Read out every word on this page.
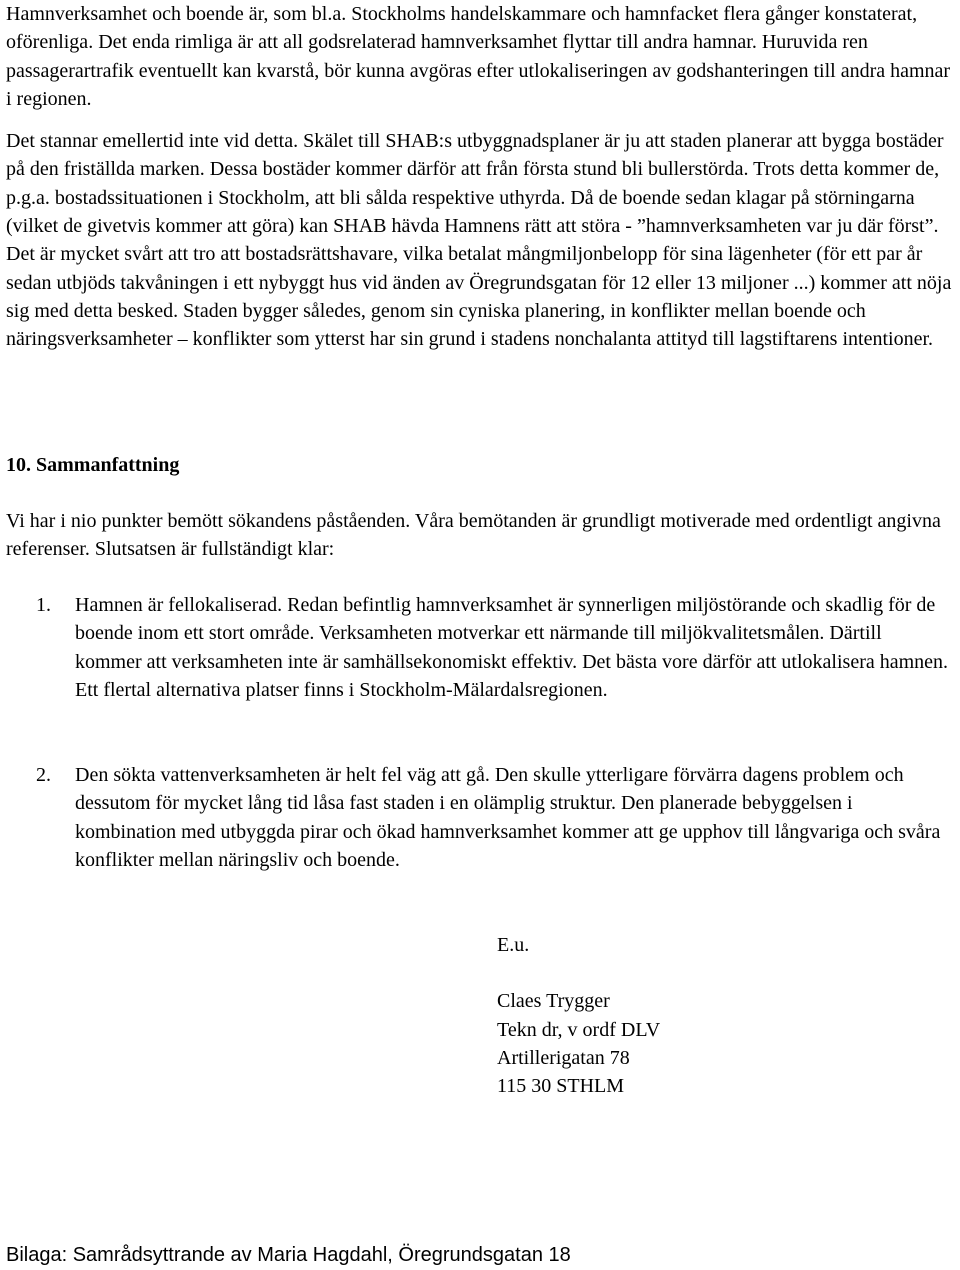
Hamnverksamhet och boende är, som bl.a. Stockholms handelskammare och hamnfacket flera gånger konstaterat, oförenliga. Det enda rimliga är att all godsrelaterad hamnverksamhet flyttar till andra hamnar. Huruvida ren passagerartrafik eventuellt kan kvarstå, bör kunna avgöras efter utlokaliseringen av godshanteringen till andra hamnar i regionen.

Det stannar emellertid inte vid detta. Skälet till SHAB:s utbyggnadsplaner är ju att staden planerar att bygga bostäder på den friställda marken. Dessa bostäder kommer därför att från första stund bli bullerstörda. Trots detta kommer de, p.g.a. bostadssituationen i Stockholm, att bli sålda respektive uthyrda. Då de boende sedan klagar på störningarna (vilket de givetvis kommer att göra) kan SHAB hävda Hamnens rätt att störa - ”hamnverksamheten var ju där först”. Det är mycket svårt att tro att bostadsrättshavare, vilka betalat mångmiljonbelopp för sina lägenheter (för ett par år sedan utbjöds takvåningen i ett nybyggt hus vid änden av Öregrundsgatan för 12 eller 13 miljoner ...) kommer att nöja sig med detta besked. Staden bygger således, genom sin cyniska planering, in konflikter mellan boende och näringsverksamheter – konflikter som ytterst har sin grund i stadens nonchalanta attityd till lagstiftarens intentioner.

10. Sammanfattning

Vi har i nio punkter bemött sökandens påståenden. Våra bemötanden är grundligt motiverade med ordentligt angivna referenser. Slutsatsen är fullständigt klar:

1. Hamnen är fellokaliserad. Redan befintlig hamnverksamhet är synnerligen miljöstörande och skadlig för de boende inom ett stort område. Verksamheten motverkar ett närmande till miljökvalitetsmålen. Därtill kommer att verksamheten inte är samhällsekonomiskt effektiv. Det bästa vore därför att utlokalisera hamnen. Ett flertal alternativa platser finns i Stockholm-Mälardalsregionen.

2. Den sökta vattenverksamheten är helt fel väg att gå. Den skulle ytterligare förvärra dagens problem och dessutom för mycket lång tid låsa fast staden i en olämplig struktur. Den planerade bebyggelsen i kombination med utbyggda pirar och ökad hamnverksamhet kommer att ge upphov till långvariga och svåra konflikter mellan näringsliv och boende.

E.u.
Claes Trygger
Tekn dr, v ordf DLV
Artillerigatan 78
115 30 STHLM
Bilaga: Samrådsyttrande av Maria Hagdahl, Öregrundsgatan 18
